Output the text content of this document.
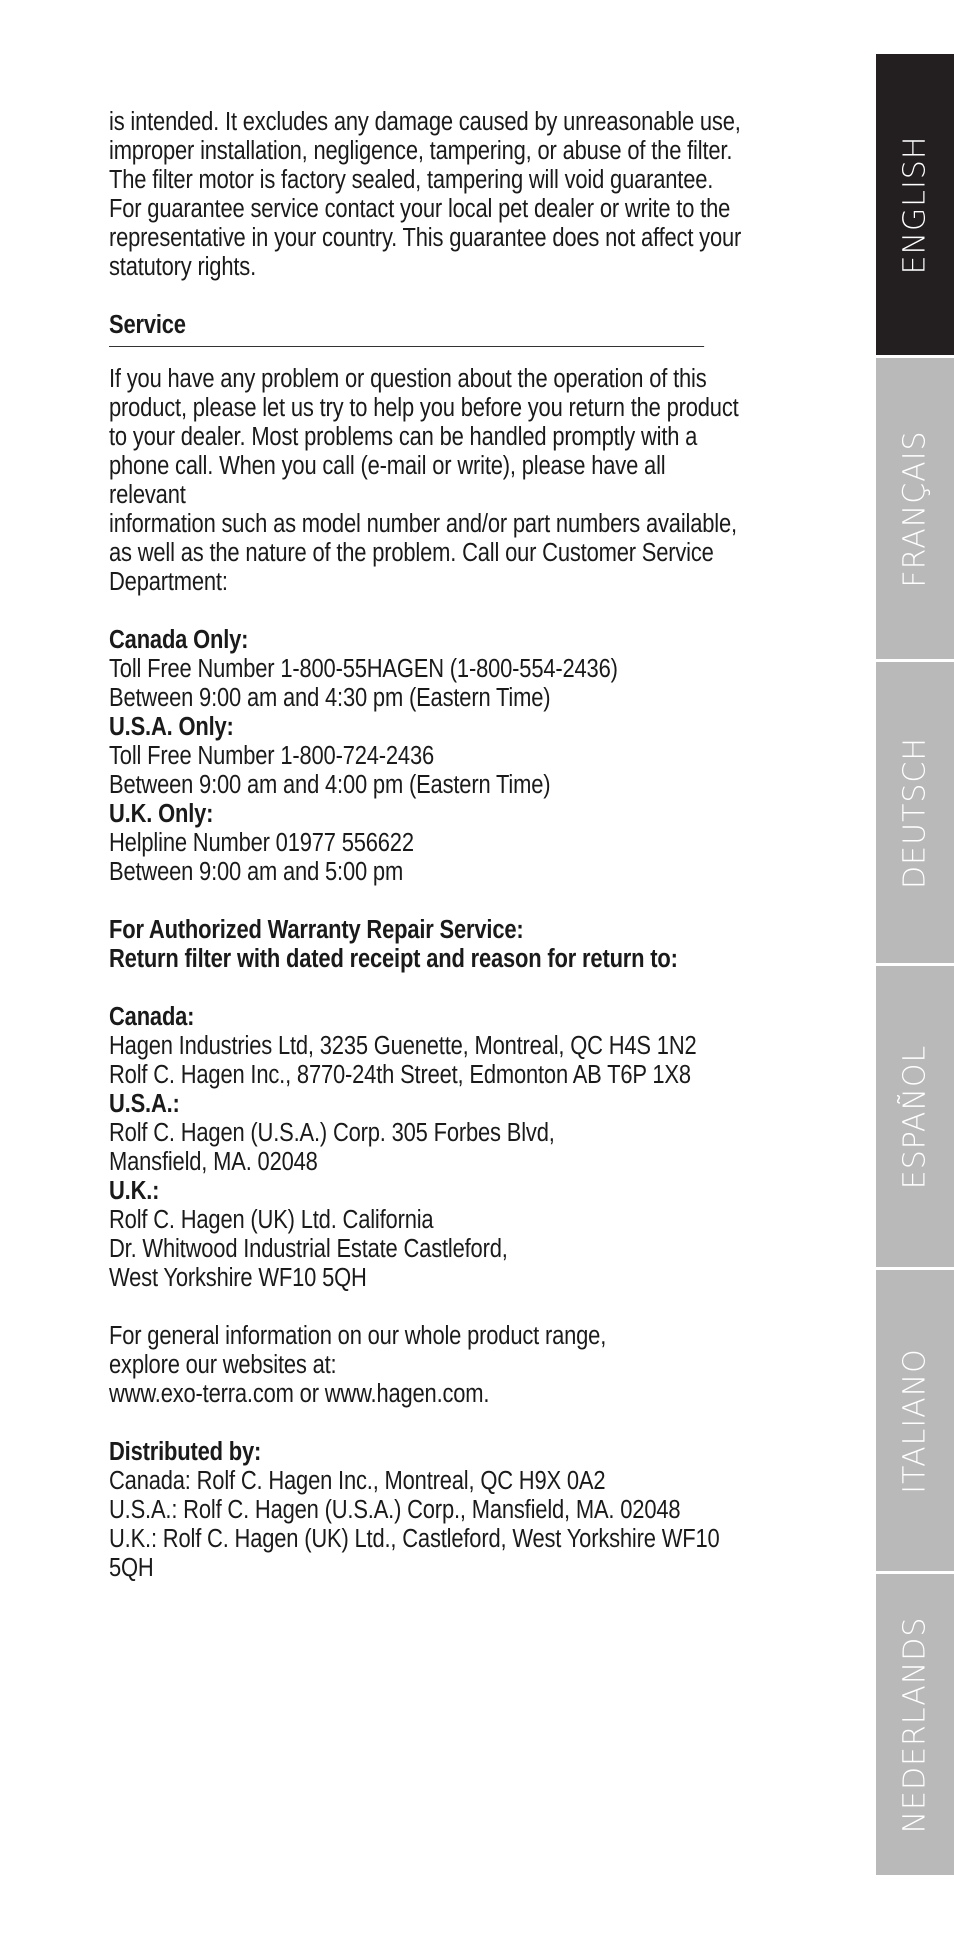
is intended. It excludes any damage caused by unreasonable use,

improper installation, negligence, tampering, or abuse of the filter.

The filter motor is factory sealed, tampering will void guarantee.

For guarantee service contact your local pet dealer or write to the

representative in your country. This guarantee does not affect your

statutory rights.

Service

If you have any problem or question about the operation of this

product, please let us try to help you before you return the product

to your dealer. Most problems can be handled promptly with a

phone call. When you call (e-mail or write), please have all relevant

information such as model number and/or part numbers available,

as well as the nature of the problem. Call our Customer Service

Department:

Canada Only:

Toll Free Number 1-800-55HAGEN (1-800-554-2436)

Between 9:00 am and 4:30 pm (Eastern Time)

U.S.A. Only:

Toll Free Number 1-800-724-2436

Between 9:00 am and 4:00 pm (Eastern Time)

U.K. Only:

Helpline Number 01977 556622

Between 9:00 am and 5:00 pm

For Authorized Warranty Repair Service:

Return filter with dated receipt and reason for return to:

Canada:

Hagen Industries Ltd, 3235 Guenette, Montreal, QC H4S 1N2

Rolf C. Hagen Inc., 8770-24th Street, Edmonton AB T6P 1X8

U.S.A.:

Rolf C. Hagen (U.S.A.) Corp. 305 Forbes Blvd,

Mansfield, MA. 02048

U.K.:

Rolf C. Hagen (UK) Ltd. California

Dr. Whitwood Industrial Estate Castleford,

West Yorkshire WF10 5QH

For general information on our whole product range,

explore our websites at:

www.exo-terra.com or www.hagen.com.

Distributed by:

Canada: Rolf C. Hagen Inc., Montreal, QC H9X 0A2

U.S.A.: Rolf C. Hagen (U.S.A.) Corp., Mansfield, MA. 02048

U.K.: Rolf C. Hagen (UK) Ltd., Castleford, West Yorkshire WF10 5QH

ENGLISH
FRANÇAIS
DEUTSCH
ESPAÑOL
ITALIANO
NEDERLANDS
